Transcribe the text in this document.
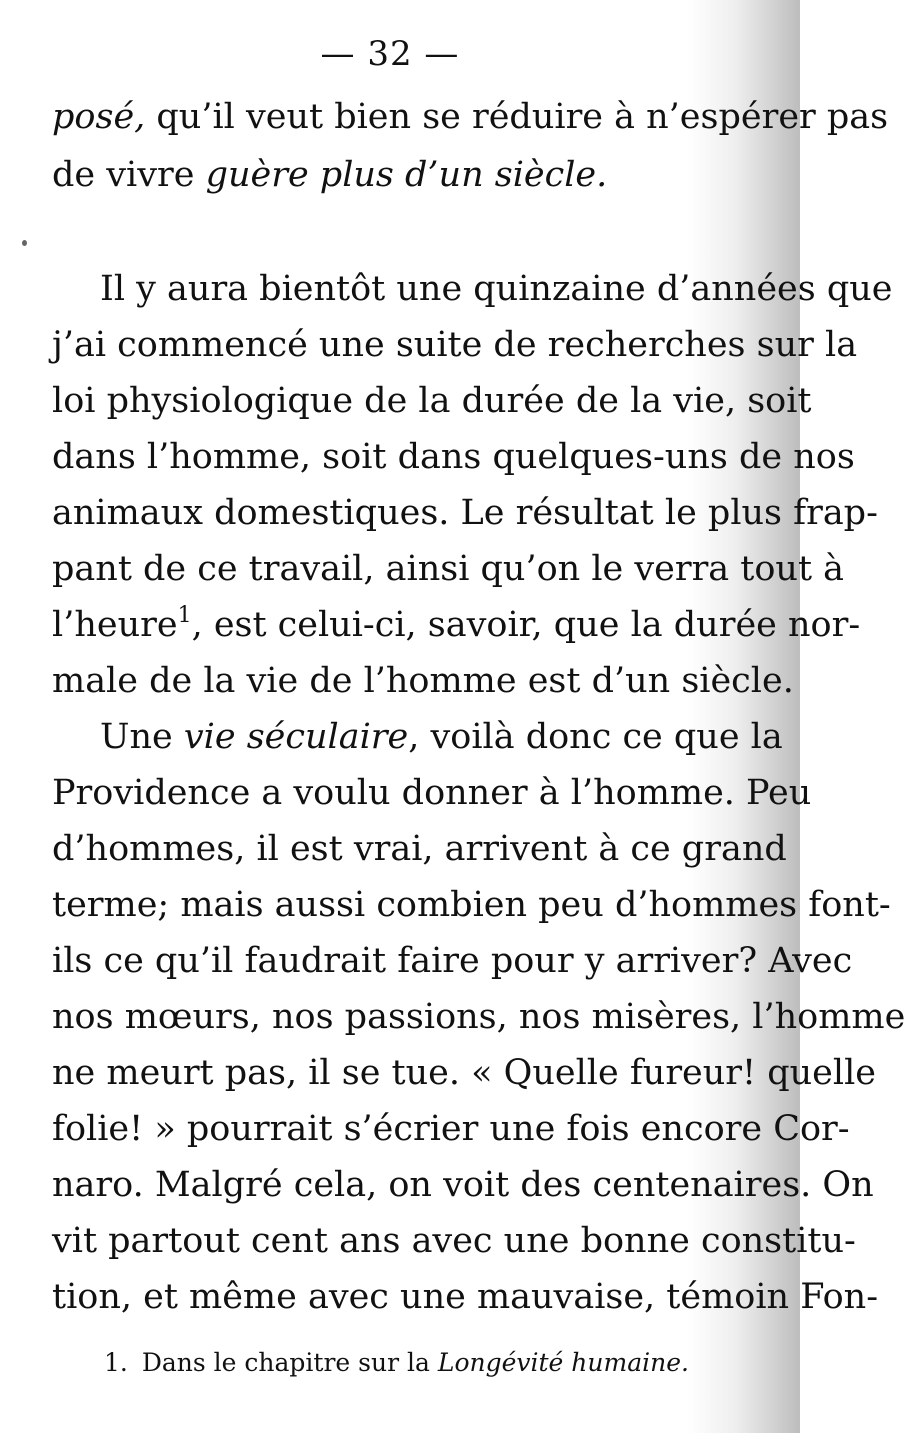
— 32 —
posé, qu’il veut bien se réduire à n’espérer pas
de vivre guère plus d’un siècle.
Il y aura bientôt une quinzaine d’années que
j’ai commencé une suite de recherches sur la
loi physiologique de la durée de la vie, soit
dans l’homme, soit dans quelques-uns de nos
animaux domestiques. Le résultat le plus frap-
pant de ce travail, ainsi qu’on le verra tout à
l’heure$^1$, est celui-ci, savoir, que la durée nor-
male de la vie de l’homme est d’un siècle.
Une vie séculaire, voilà donc ce que la
Providence a voulu donner à l’homme. Peu
d’hommes, il est vrai, arrivent à ce grand
terme; mais aussi combien peu d’hommes font-
ils ce qu’il faudrait faire pour y arriver? Avec
nos mœurs, nos passions, nos misères, l’homme
ne meurt pas, il se tue. « Quelle fureur! quelle
folie! » pourrait s’écrier une fois encore Cor-
naro. Malgré cela, on voit des centenaires. On
vit partout cent ans avec une bonne constitu-
tion, et même avec une mauvaise, témoin Fon-
1. Dans le chapitre sur la Longévité humaine.
